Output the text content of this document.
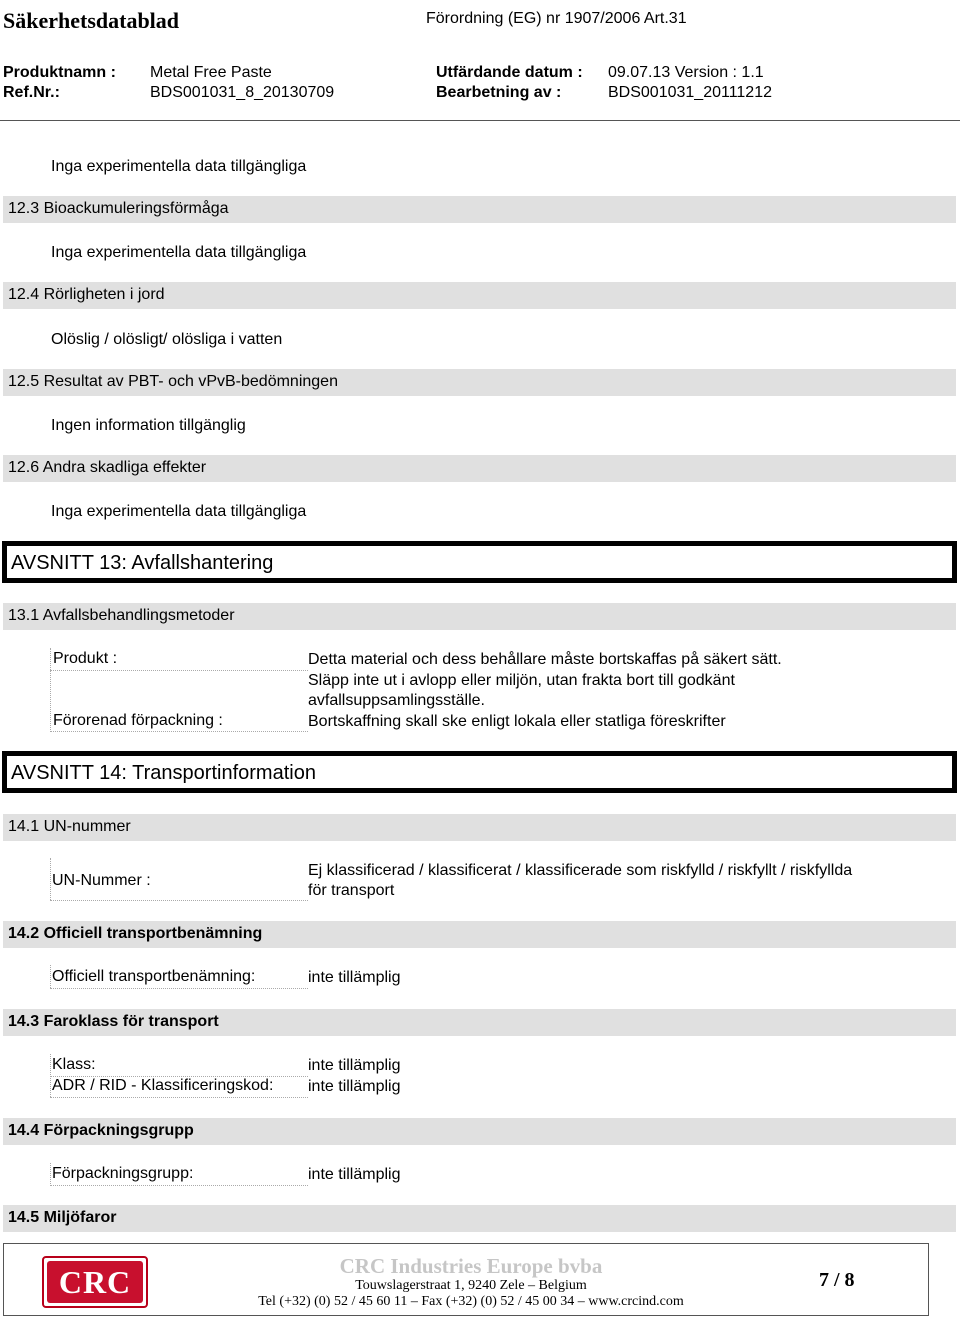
Säkerhetsdatablad	Förordning (EG) nr 1907/2006 Art.31
Produktnamn : Metal Free Paste	Utfärdande datum : 09.07.13 Version : 1.1
Ref.Nr.:	BDS001031_8_20130709	Bearbetning av :	BDS001031_20111212
Inga experimentella data tillgängliga
12.3 Bioackumuleringsförmåga
Inga experimentella data tillgängliga
12.4 Rörligheten i jord
Olöslig / olösligt/ olösliga i vatten
12.5 Resultat av PBT- och vPvB-bedömningen
Ingen information tillgänglig
12.6 Andra skadliga effekter
Inga experimentella data tillgängliga
AVSNITT 13: Avfallshantering
13.1 Avfallsbehandlingsmetoder
Produkt :	Detta material och dess behållare måste bortskaffas på säkert sätt.
Släpp inte ut i avlopp eller miljön, utan frakta bort till godkänt
avfallsuppsamlingsställe.
Förorenad förpackning :	Bortskaffning skall ske enligt lokala eller statliga föreskrifter
AVSNITT 14: Transportinformation
14.1 UN-nummer
UN-Nummer :
Ej klassificerad / klassificerat / klassificerade som riskfylld / riskfyllt / riskfyllda
för transport
14.2 Officiell transportbenämning
Officiell transportbenämning:	inte tillämplig
14.3 Faroklass för transport
Klass:	inte tillämplig
ADR / RID - Klassificeringskod:	inte tillämplig
14.4 Förpackningsgrupp
Förpackningsgrupp:	inte tillämplig
14.5 Miljöfaror
CRC	CRC Industries Europe bvba
Touwslagerstraat 1, 9240 Zele – Belgium
Tel (+32) (0) 52 / 45 60 11 – Fax (+32) (0) 52 / 45 00 34 – www.crcind.com
7 / 8
